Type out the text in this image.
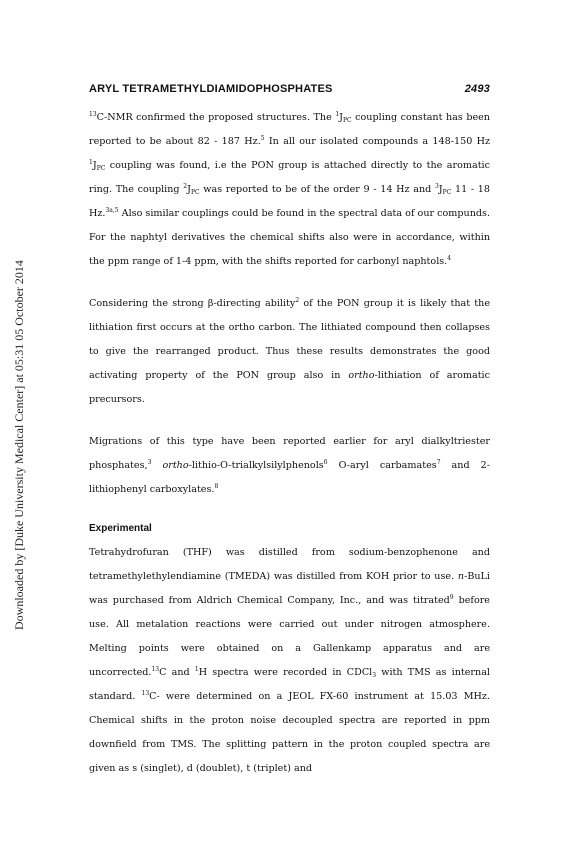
Downloaded by [Duke University Medical Center] at 05:31 05 October 2014
ARYL TETRAMETHYLDIAMIDOPHOSPHATES	2493

$^{13}$C-NMR confirmed the proposed structures. The $^1J_{PC}$ coupling constant has been reported to be about 82 - 187 Hz.$^5$ In all our isolated compounds a 148-150 Hz $^1J_{PC}$ coupling was found, i.e the PON group is attached directly to the aromatic ring. The coupling $^2J_{PC}$ was reported to be of the order 9 - 14 Hz and $^3J_{PC}$ 11 - 18 Hz.$^{3a,5}$ Also similar couplings could be found in the spectral data of our compunds. For the naphtyl derivatives the chemical shifts also were in accordance, within the ppm range of 1-4 ppm, with the shifts reported for carbonyl naphtols.$^4$

Considering the strong β-directing ability$^2$ of the PON group it is likely that the lithiation first occurs at the ortho carbon. The lithiated compound then collapses to give the rearranged product. Thus these results demonstrates the good activating property of the PON group also in ortho-lithiation of aromatic precursors.

Migrations of this type have been reported earlier for aryl dialkyltriester phosphates,$^3$ ortho-lithio-O-trialkylsilylphenols$^6$ O-aryl carbamates$^7$ and 2-lithiophenyl carboxylates.$^8$

Experimental

Tetrahydrofuran (THF) was distilled from sodium-benzophenone and tetramethylethylendiamine (TMEDA) was distilled from KOH prior to use. n-BuLi was purchased from Aldrich Chemical Company, Inc., and was titrated$^9$ before use. All metalation reactions were carried out under nitrogen atmosphere. Melting points were obtained on a Gallenkamp apparatus and are uncorrected.$^{13}$C and $^1$H spectra were recorded in CDCl$_3$ with TMS as internal standard. $^{13}$C- were determined on a JEOL FX-60 instrument at 15.03 MHz. Chemical shifts in the proton noise decoupled spectra are reported in ppm downfield from TMS. The splitting pattern in the proton coupled spectra are given as s (singlet), d (doublet), t (triplet) and
